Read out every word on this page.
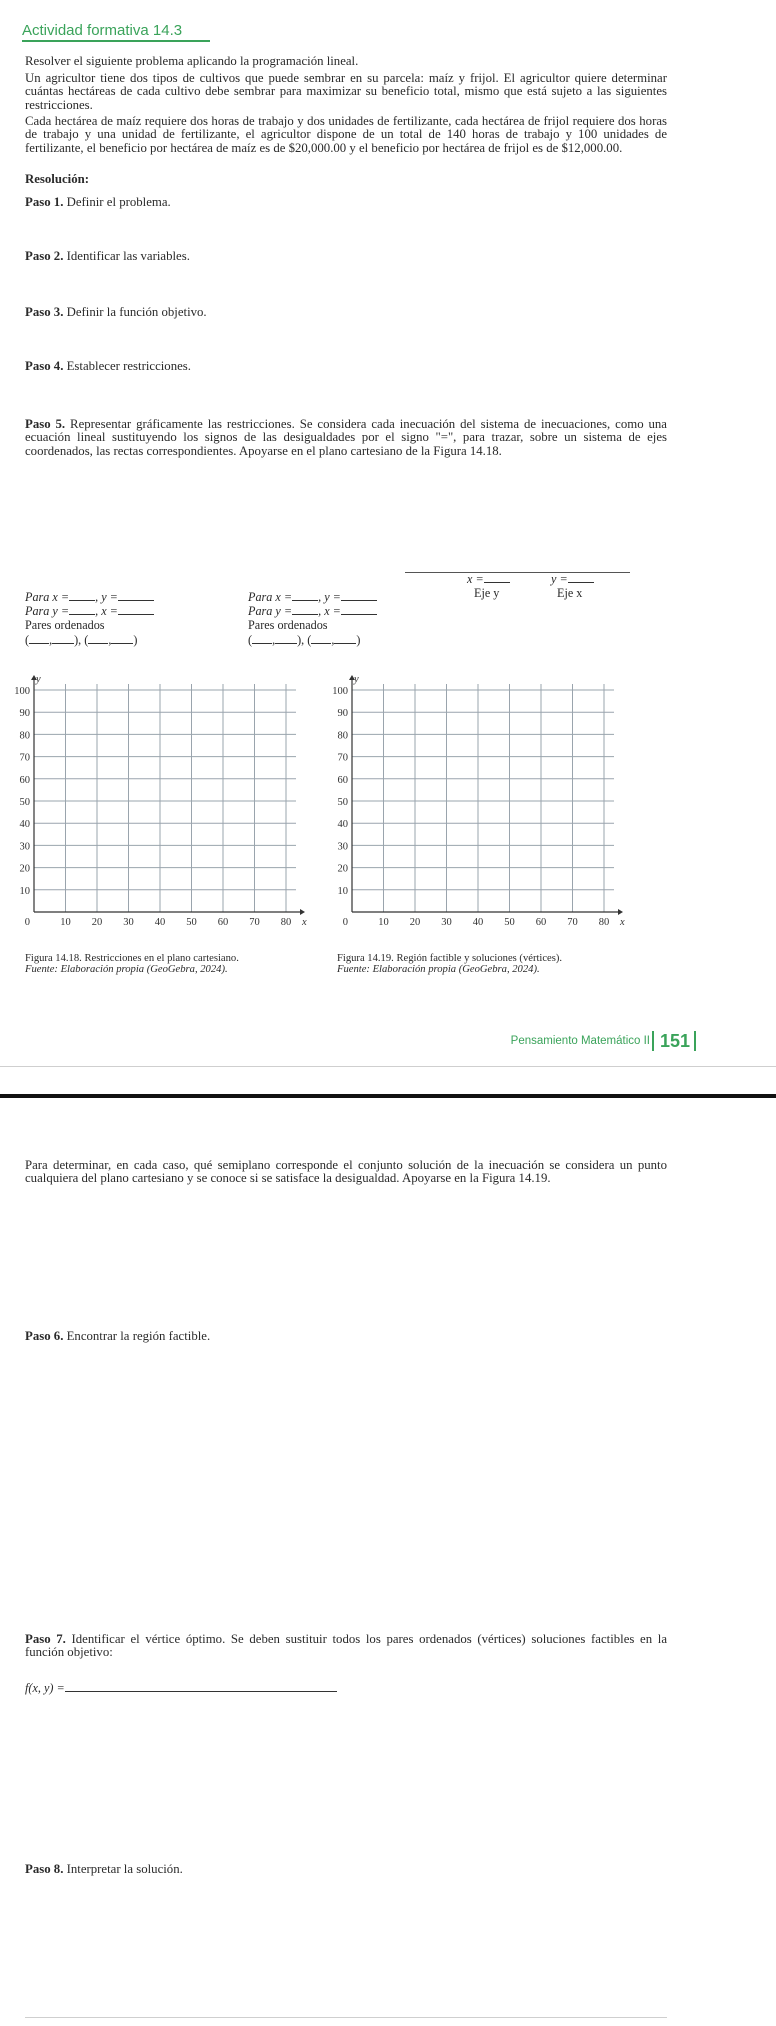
Actividad formativa 14.3

Resolver el siguiente problema aplicando la programación lineal.

Un agricultor tiene dos tipos de cultivos que puede sembrar en su parcela: maíz y frijol. El agricultor quiere determinar cuántas hectáreas de cada cultivo debe sembrar para maximizar su beneficio total, mismo que está sujeto a las siguientes restricciones.

Cada hectárea de maíz requiere dos horas de trabajo y dos unidades de fertilizante, cada hectárea de frijol requiere dos horas de trabajo y una unidad de fertilizante, el agricultor dispone de un total de 140 horas de trabajo y 100 unidades de fertilizante, el beneficio por hectárea de maíz es de $20,000.00 y el beneficio por hectárea de frijol es de $12,000.00.

Resolución:

Paso 1. Definir el problema.

Paso 2. Identificar las variables.

Paso 3. Definir la función objetivo.

Paso 4. Establecer restricciones.

Paso 5. Representar gráficamente las restricciones. Se considera cada inecuación del sistema de inecuaciones, como una ecuación lineal sustituyendo los signos de las desigualdades por el signo "=", para trazar, sobre un sistema de ejes coordenados, las rectas correspondientes. Apoyarse en el plano cartesiano de la Figura 14.18.

x =	y =
Eje y	Eje x
Para x = , y =
Para y = , x =
Pares ordenados
( , ), ( , )
Para x = , y =
Para y = , x =
Pares ordenados
( , ), ( , )
10
20
30
40
50
60
70
80
90
100
10 20 30 40 50 60 70 80 x
y
0
10
20
30
40
50
60
70
80
90
100
10 20 30 40 50 60 70 80 x
y
0
Figura 14.18. Restricciones en el plano cartesiano.
Fuente: Elaboración propia (GeoGebra, 2024).
Figura 14.19. Región factible y soluciones (vértices).
Fuente: Elaboración propia (GeoGebra, 2024).
Pensamiento Matemático II 151

Para determinar, en cada caso, qué semiplano corresponde el conjunto solución de la inecuación se considera un punto cualquiera del plano cartesiano y se conoce si se satisface la desigualdad. Apoyarse en la Figura 14.19.

Paso 6. Encontrar la región factible.

Paso 7. Identificar el vértice óptimo. Se deben sustituir todos los pares ordenados (vértices) soluciones factibles en la función objetivo:

f(x, y) =

Paso 8. Interpretar la solución.
